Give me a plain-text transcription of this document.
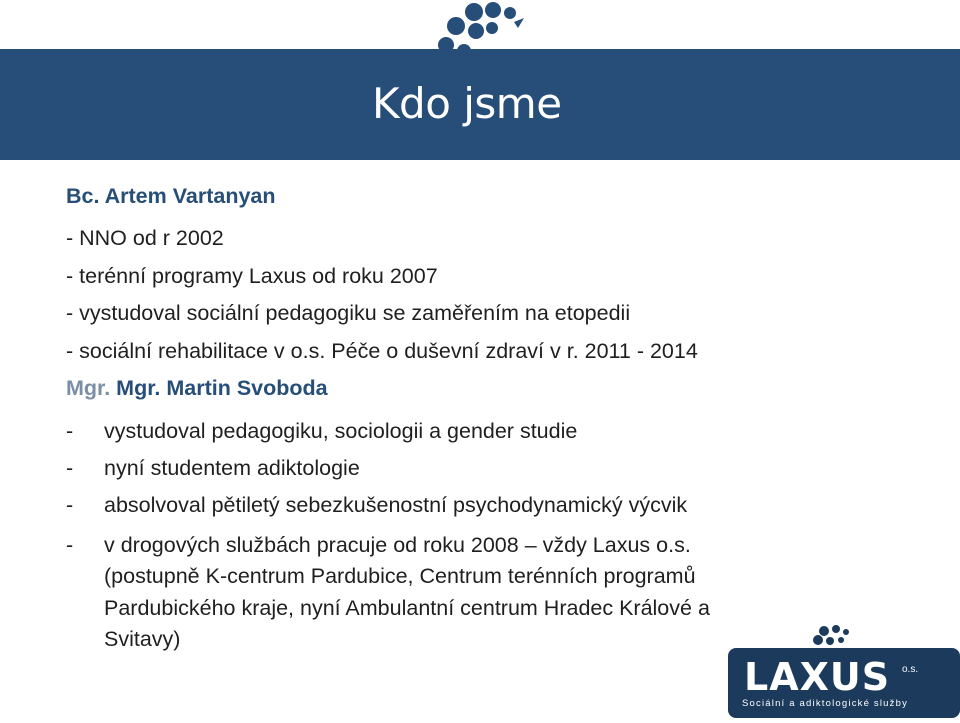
Kdo jsme
Bc. Artem Vartanyan
- NNO od r 2002
- terénní programy Laxus od roku 2007
- vystudoval sociální pedagogiku se zaměřením na etopedii
- sociální rehabilitace v o.s. Péče o duševní zdraví v r. 2011 - 2014
Mgr. Mgr. Martin Svoboda
- vystudoval pedagogiku, sociologii a gender studie
- nyní studentem adiktologie
- absolvoval pětiletý sebezkušenostní psychodynamický výcvik
- v drogových službách pracuje od roku 2008 – vždy Laxus o.s.
(postupně K-centrum Pardubice, Centrum terénních programů
Pardubického kraje, nyní Ambulantní centrum Hradec Králové a
Svitavy)
LAXUS o.s.
Sociální a adiktologické služby
